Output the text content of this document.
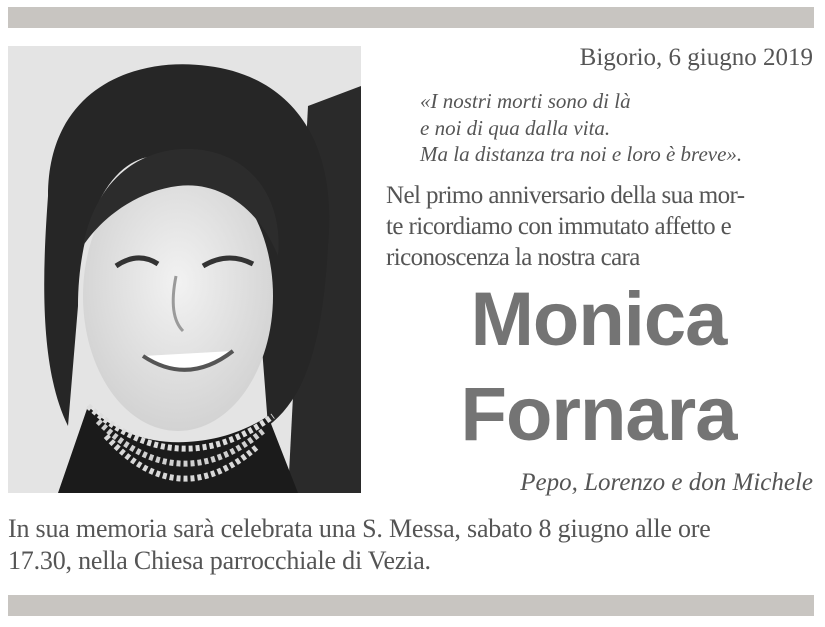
Bigorio, 6 giugno 2019
«I nostri morti sono di là
e noi di qua dalla vita.
Ma la distanza tra noi e loro è breve».
Nel primo anniversario della sua mor-
te ricordiamo con immutato affetto e
riconoscenza la nostra cara
Monica
Fornara
Pepo, Lorenzo e don Michele
In sua memoria sarà celebrata una S. Messa, sabato 8 giugno alle ore
17.30, nella Chiesa parrocchiale di Vezia.
